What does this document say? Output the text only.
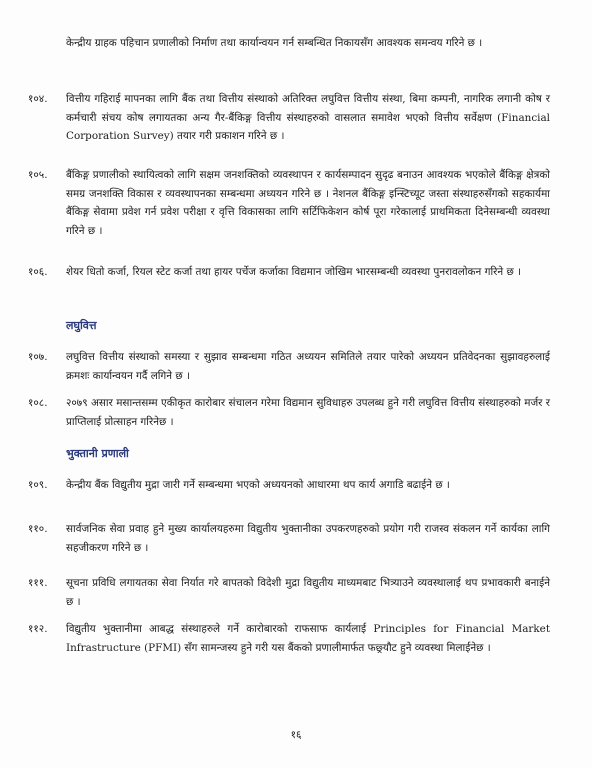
केन्द्रीय ग्राहक पहिचान प्रणालीको निर्माण तथा कार्यान्वयन गर्न सम्बन्धित निकायसँग आवश्यक समन्वय गरिने छ ।
१०४. वित्तीय गहिराई मापनका लागि बैंक तथा वित्तीय संस्थाको अतिरिक्त लघुवित्त वित्तीय संस्था, बिमा कम्पनी, नागरिक लगानी कोष र कर्मचारी संचय कोष लगायतका अन्य गैर-बैंकिङ्ग वित्तीय संस्थाहरुको वासलात समावेश भएको वित्तीय सर्वेक्षण (Financial Corporation Survey) तयार गरी प्रकाशन गरिने छ ।
१०५. बैंकिङ्ग प्रणालीको स्थायित्वको लागि सक्षम जनशक्तिको व्यवस्थापन र कार्यसम्पादन सुदृढ बनाउन आवश्यक भएकोले बैंकिङ्ग क्षेत्रको समग्र जनशक्ति विकास र व्यवस्थापनका सम्बन्धमा अध्ययन गरिने छ । नेशनल बैंकिङ्ग इन्स्टिच्यूट जस्ता संस्थाहरुसँगको सहकार्यमा बैंकिङ्ग सेवामा प्रवेश गर्न प्रवेश परीक्षा र वृत्ति विकासका लागि सर्टिफिकेशन कोर्ष पूरा गरेकालाई प्राथमिकता दिनेसम्बन्धी व्यवस्था गरिने छ ।
१०६. शेयर धितो कर्जा, रियल स्टेट कर्जा तथा हायर पर्चेज कर्जाका विद्यमान जोखिम भारसम्बन्धी व्यवस्था पुनरावलोकन गरिने छ ।
लघुवित्त
१०७. लघुवित्त वित्तीय संस्थाको समस्या र सुझाव सम्बन्धमा गठित अध्ययन समितिले तयार पारेको अध्ययन प्रतिवेदनका सुझावहरुलाई क्रमशः कार्यान्वयन गर्दै लगिने छ ।
१०८. २०७९ असार मसान्तसम्म एकीकृत कारोबार संचालन गरेमा विद्यमान सुविधाहरु उपलब्ध हुने गरी लघुवित्त वित्तीय संस्थाहरुको मर्जर र प्राप्तिलाई प्रोत्साहन गरिनेछ ।
भुक्तानी प्रणाली
१०९. केन्द्रीय बैंक विद्युतीय मुद्रा जारी गर्ने सम्बन्धमा भएको अध्ययनको आधारमा थप कार्य अगाडि बढाईने छ ।
११०. सार्वजनिक सेवा प्रवाह हुने मुख्य कार्यालयहरुमा विद्युतीय भुक्तानीका उपकरणहरुको प्रयोग गरी राजस्व संकलन गर्ने कार्यका लागि सहजीकरण गरिने छ ।
१११. सूचना प्रविधि लगायतका सेवा निर्यात गरे बापतको विदेशी मुद्रा विद्युतीय माध्यमबाट भित्र्याउने व्यवस्थालाई थप प्रभावकारी बनाईने छ ।
११२. विद्युतीय भुक्तानीमा आबद्ध संस्थाहरुले गर्ने कारोबारको राफसाफ कार्यलाई Principles for Financial Market Infrastructure (PFMI) सँग सामन्जस्य हुने गरी यस बैंकको प्रणालीमार्फत फछ्र्यौट हुने व्यवस्था मिलाईनेछ ।
१६
